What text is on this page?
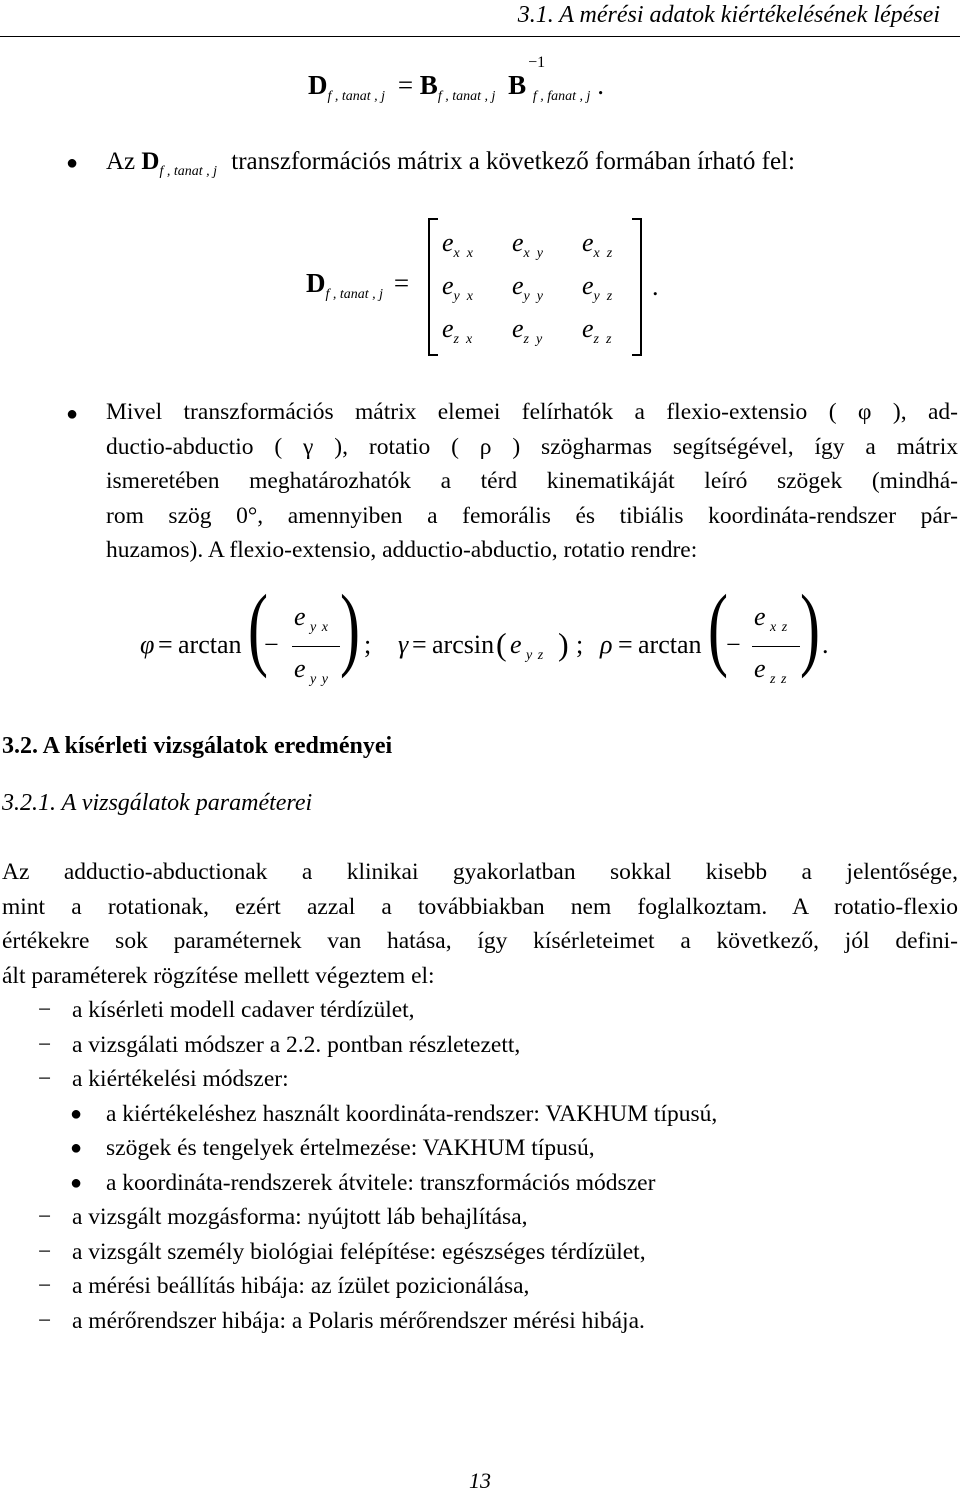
3.1. A mérési adatok kiértékelésének lépései
$D_{f , tanat , j} = B_{f , tanat , j}$ B
−1
$_{f , fanat , j}$ .
● Az $D_{f , tanat , j}$ transzformációs mátrix a következő formában írható fel:
$D_{f , tanat , j}$ =	.
$e_{x x}$ $e_{x y}$ $e_{x z}$
$e_{y x}$ $e_{y y}$ $e_{y z}$
$e_{z x}$ $e_{z y}$ $e_{z z}$
● Mivel transzformációs mátrix elemei felírhatók a flexio-extensio ( φ ), ad-
ductio-abductio ( γ ), rotatio ( ρ ) szögharmas segítségével, így a mátrix
ismeretében meghatározhatók a térd kinematikáját leíró szögek (mindhá-
rom szög 0°, amennyiben a femorális és tibiális koordináta-rendszer pár-
huzamos). A flexio-extensio, adductio-abductio, rotatio rendre:
φ = arctan (
−
e y x
e y y
) ; γ = arcsin ( e y z ) ; ρ = arctan (
−
e x z
e z z
) .
3.2. A kísérleti vizsgálatok eredményei
3.2.1. A vizsgálatok paraméterei
Az adductio-abductionak a klinikai gyakorlatban sokkal kisebb a jelentősége,
mint a rotationak, ezért azzal a továbbiakban nem foglalkoztam. A rotatio-flexio
értékekre sok paraméternek van hatása, így kísérleteimet a következő, jól defini-
ált paraméterek rögzítése mellett végeztem el:
− a kísérleti modell cadaver térdízület,
− a vizsgálati módszer a 2.2. pontban részletezett,
− a kiértékelési módszer:
● a kiértékeléshez használt koordináta-rendszer: VAKHUM típusú,
● szögek és tengelyek értelmezése: VAKHUM típusú,
● a koordináta-rendszerek átvitele: transzformációs módszer
− a vizsgált mozgásforma: nyújtott láb behajlítása,
− a vizsgált személy biológiai felépítése: egészséges térdízület,
− a mérési beállítás hibája: az ízület pozicionálása,
− a mérőrendszer hibája: a Polaris mérőrendszer mérési hibája.
13
